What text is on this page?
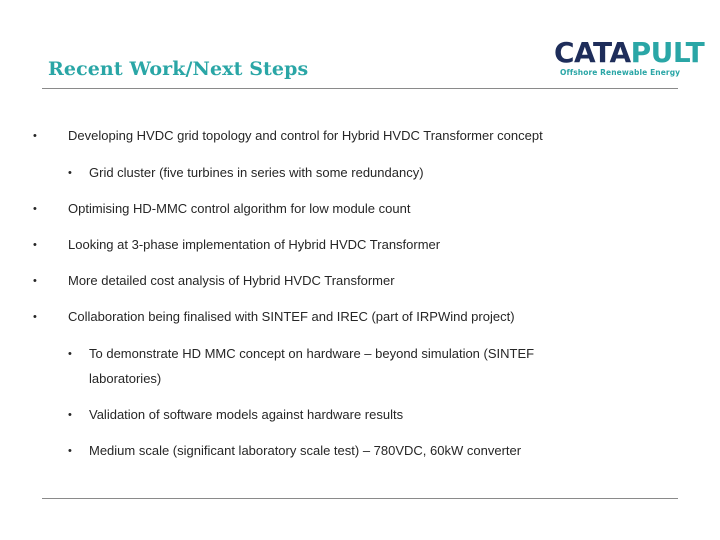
Recent Work/Next Steps	CATAPULT
Offshore Renewable Energy
• Developing HVDC grid topology and control for Hybrid HVDC Transformer concept
• Grid cluster (five turbines in series with some redundancy)
• Optimising HD-MMC control algorithm for low module count
• Looking at 3-phase implementation of Hybrid HVDC Transformer
• More detailed cost analysis of Hybrid HVDC Transformer
• Collaboration being finalised with SINTEF and IREC (part of IRPWind project)
• To demonstrate HD MMC concept on hardware – beyond simulation (SINTEF
laboratories)
• Validation of software models against hardware results
• Medium scale (significant laboratory scale test) – 780VDC, 60kW converter
